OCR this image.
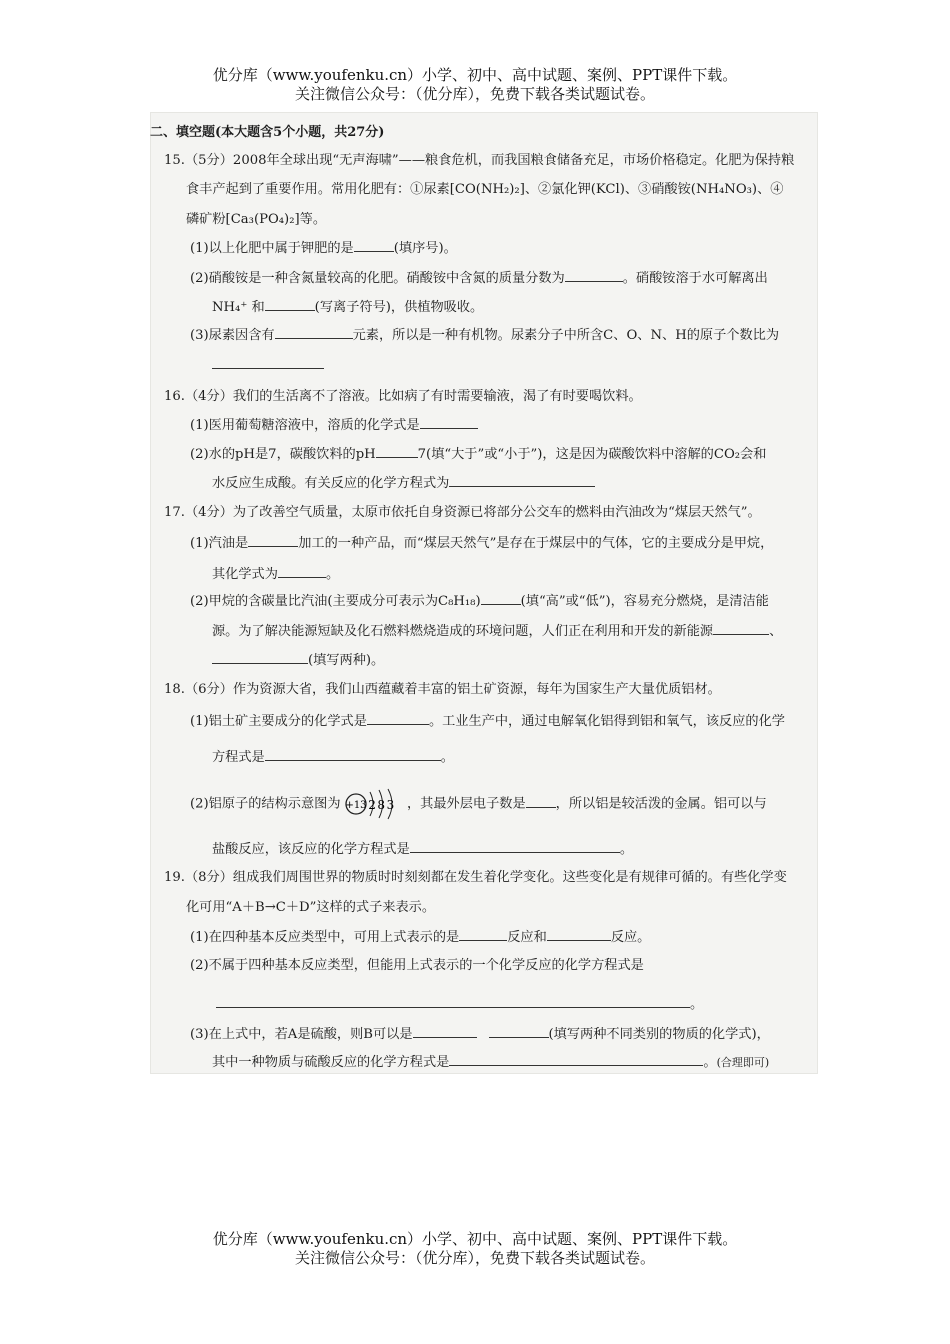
优分库（www.youfenku.cn）小学、初中、高中试题、案例、PPT课件下载。
关注微信公众号：（优分库），免费下载各类试题试卷。
二、填空题(本大题含5个小题，共27分)
15.（5分）2008年全球出现“无声海啸”——粮食危机，而我国粮食储备充足，市场价格稳定。化肥为保持粮
食丰产起到了重要作用。常用化肥有：①尿素[CO(NH₂)₂]、②氯化钾(KCl)、③硝酸铵(NH₄NO₃)、④
磷矿粉[Ca₃(PO₄)₂]等。
(1)以上化肥中属于钾肥的是	(填序号)。
(2)硝酸铵是一种含氮量较高的化肥。硝酸铵中含氮的质量分数为	。硝酸铵溶于水可解离出
NH₄⁺ 和	(写离子符号)，供植物吸收。
(3)尿素因含有	元素，所以是一种有机物。尿素分子中所含C、O、N、H的原子个数比为
16.（4分）我们的生活离不了溶液。比如病了有时需要输液，渴了有时要喝饮料。
(1)医用葡萄糖溶液中，溶质的化学式是
(2)水的pH是7，碳酸饮料的pH	7(填“大于”或“小于”)，这是因为碳酸饮料中溶解的CO₂会和
水反应生成酸。有关反应的化学方程式为
17.（4分）为了改善空气质量，太原市依托自身资源已将部分公交车的燃料由汽油改为“煤层天然气”。
(1)汽油是	加工的一种产品，而“煤层天然气”是存在于煤层中的气体，它的主要成分是甲烷，
其化学式为	。
(2)甲烷的含碳量比汽油(主要成分可表示为C₈H₁₈)	(填“高”或“低”)，容易充分燃烧，是清洁能
源。为了解决能源短缺及化石燃料燃烧造成的环境问题，人们正在利用和开发的新能源	、
(填写两种)。
18.（6分）作为资源大省，我们山西蕴藏着丰富的铝土矿资源，每年为国家生产大量优质铝材。
(1)铝土矿主要成分的化学式是	。工业生产中，通过电解氧化铝得到铝和氧气，该反应的化学
方程式是	。
(2)铝原子的结构示意图为 +13 283 ，其最外层电子数是 ，所以铝是较活泼的金属。铝可以与
盐酸反应，该反应的化学方程式是	。
19.（8分）组成我们周围世界的物质时时刻刻都在发生着化学变化。这些变化是有规律可循的。有些化学变
化可用“A＋B→C＋D”这样的式子来表示。
(1)在四种基本反应类型中，可用上式表示的是	反应和	反应。
(2)不属于四种基本反应类型，但能用上式表示的一个化学反应的化学方程式是
。
(3)在上式中，若A是硫酸，则B可以是	(填写两种不同类别的物质的化学式)，
其中一种物质与硫酸反应的化学方程式是	。(合理即可)
优分库（www.youfenku.cn）小学、初中、高中试题、案例、PPT课件下载。
关注微信公众号：（优分库），免费下载各类试题试卷。
